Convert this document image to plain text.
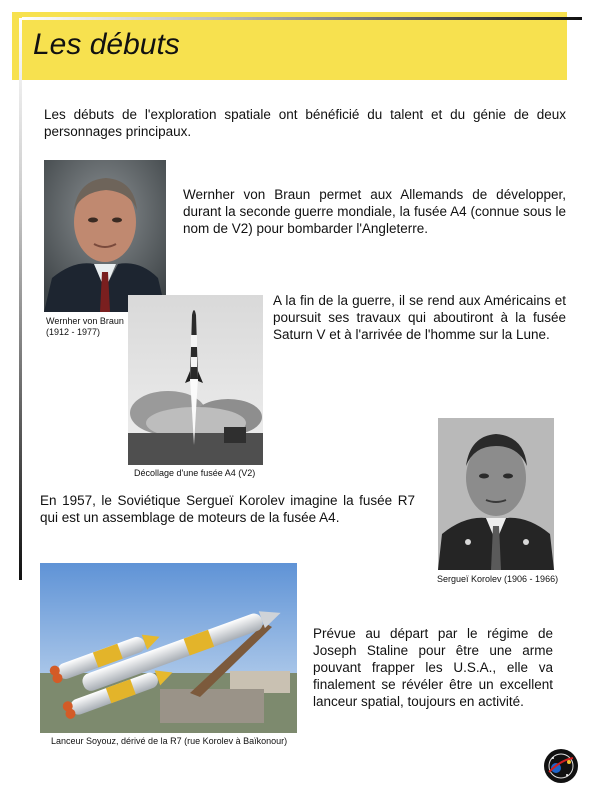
Les débuts
Les débuts de l'exploration spatiale ont bénéficié du talent et du génie de deux personnages principaux.
Wernher von Braun
(1912 - 1977)
Wernher von Braun permet aux Allemands de développer, durant la seconde guerre mondiale, la fusée A4 (connue sous le nom de V2) pour bombarder l'Angleterre.
A la fin de la guerre, il se rend aux Américains et poursuit ses travaux qui aboutiront à la fusée Saturn V et à l'arrivée de l'homme sur la Lune.
Décollage d'une fusée A4 (V2)
En 1957, le Soviétique Sergueï Korolev imagine la fusée R7 qui est un assemblage de moteurs de la fusée A4.
Sergueï Korolev (1906 - 1966)
Lanceur Soyouz, dérivé de la R7 (rue Korolev à Baïkonour)
Prévue au départ par le régime de Joseph Staline pour être une arme pouvant frapper les U.S.A., elle va finalement se révéler être un excellent lanceur spatial, toujours en activité.
